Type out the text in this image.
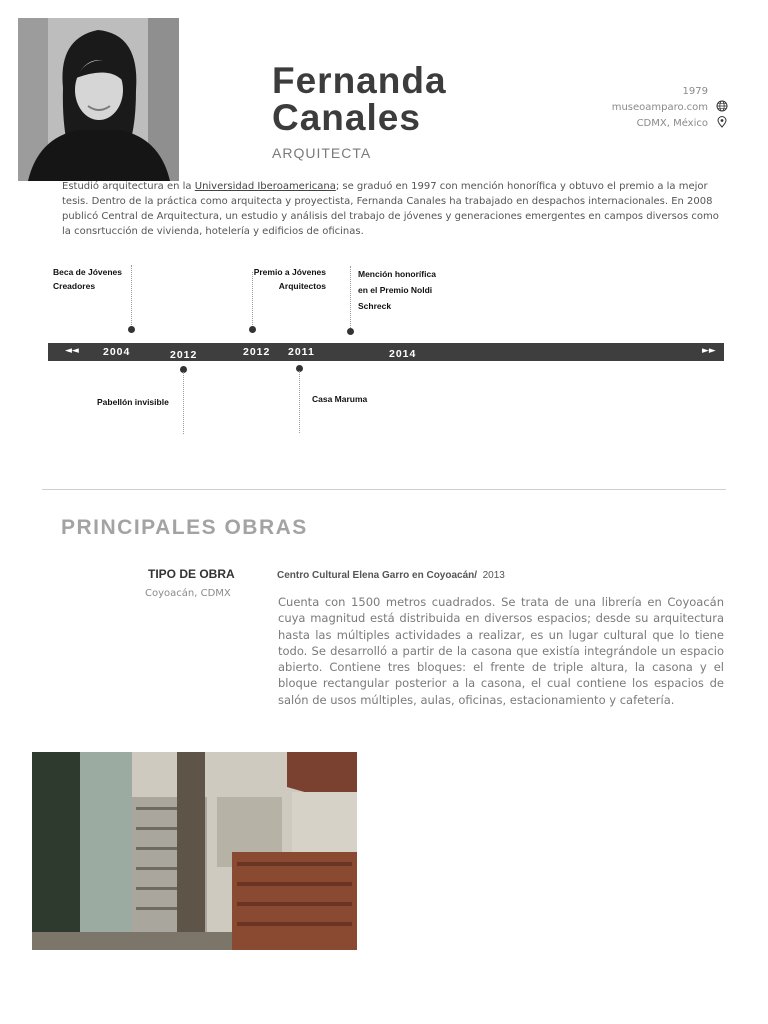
Fernanda
Canales
ARQUITECTA
1979
museoamparo.com
CDMX, México
Estudió arquitectura en la Universidad Iberoamericana; se graduó en 1997 con mención honorífica y obtuvo el premio a la mejor tesis. Dentro de la práctica como arquitecta y proyectista, Fernanda Canales ha trabajado en despachos internacionales. En 2008 publicó Central de Arquitectura, un estudio y análisis del trabajo de jóvenes y generaciones emergentes en campos diversos como la consrtucción de vivienda, hotelería y edificios de oficinas.
Beca de Jóvenes
Creadores
Premio a Jóvenes
Arquitectos
Mención honorífica
en el Premio Noldi
Schreck
◄◄	►►
2004	2012	2012 2011	2014
Pabellón invisible	Casa Maruma
PRINCIPALES OBRAS
TIPO DE OBRA
Coyoacán, CDMX
Centro Cultural Elena Garro en Coyoacán/ 2013
Cuenta con 1500 metros cuadrados. Se trata de una librería en Coyoacán cuya magnitud está distribuida en diversos espacios; desde su arquitectura hasta las múltiples actividades a realizar, es un lugar cultural que lo tiene todo. Se desarrolló a partir de la casona que existía integrándole un espacio abierto. Contiene tres bloques: el frente de triple altura, la casona y el bloque rectangular posterior a la casona, el cual contiene los espacios de salón de usos múltiples, aulas, oficinas, estacionamiento y cafetería.
